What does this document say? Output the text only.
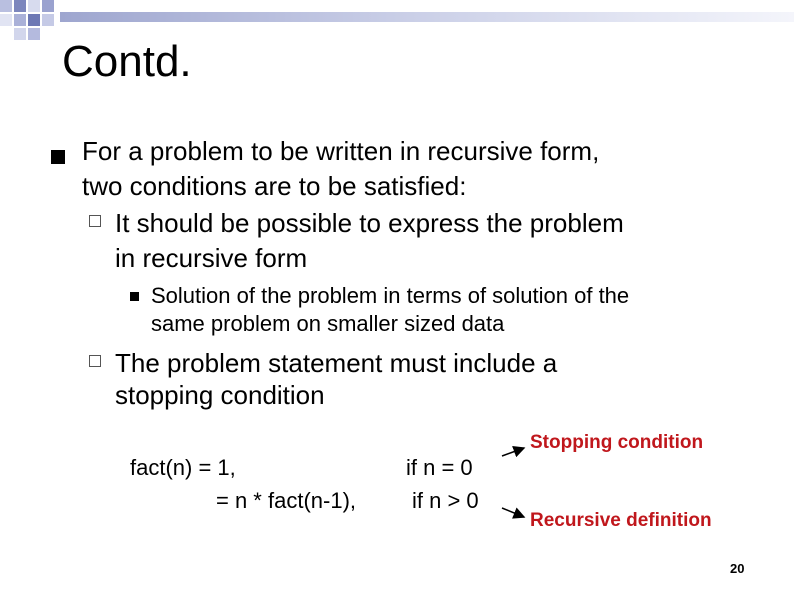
Contd.
For a problem to be written in recursive form,
two conditions are to be satisfied:
It should be possible to express the problem
in recursive form
Solution of the problem in terms of solution of the
same problem on smaller sized data
The problem statement must include a
stopping condition
fact(n) = 1,	if n = 0
= n * fact(n-1),	if n > 0
Stopping condition
Recursive definition
20
